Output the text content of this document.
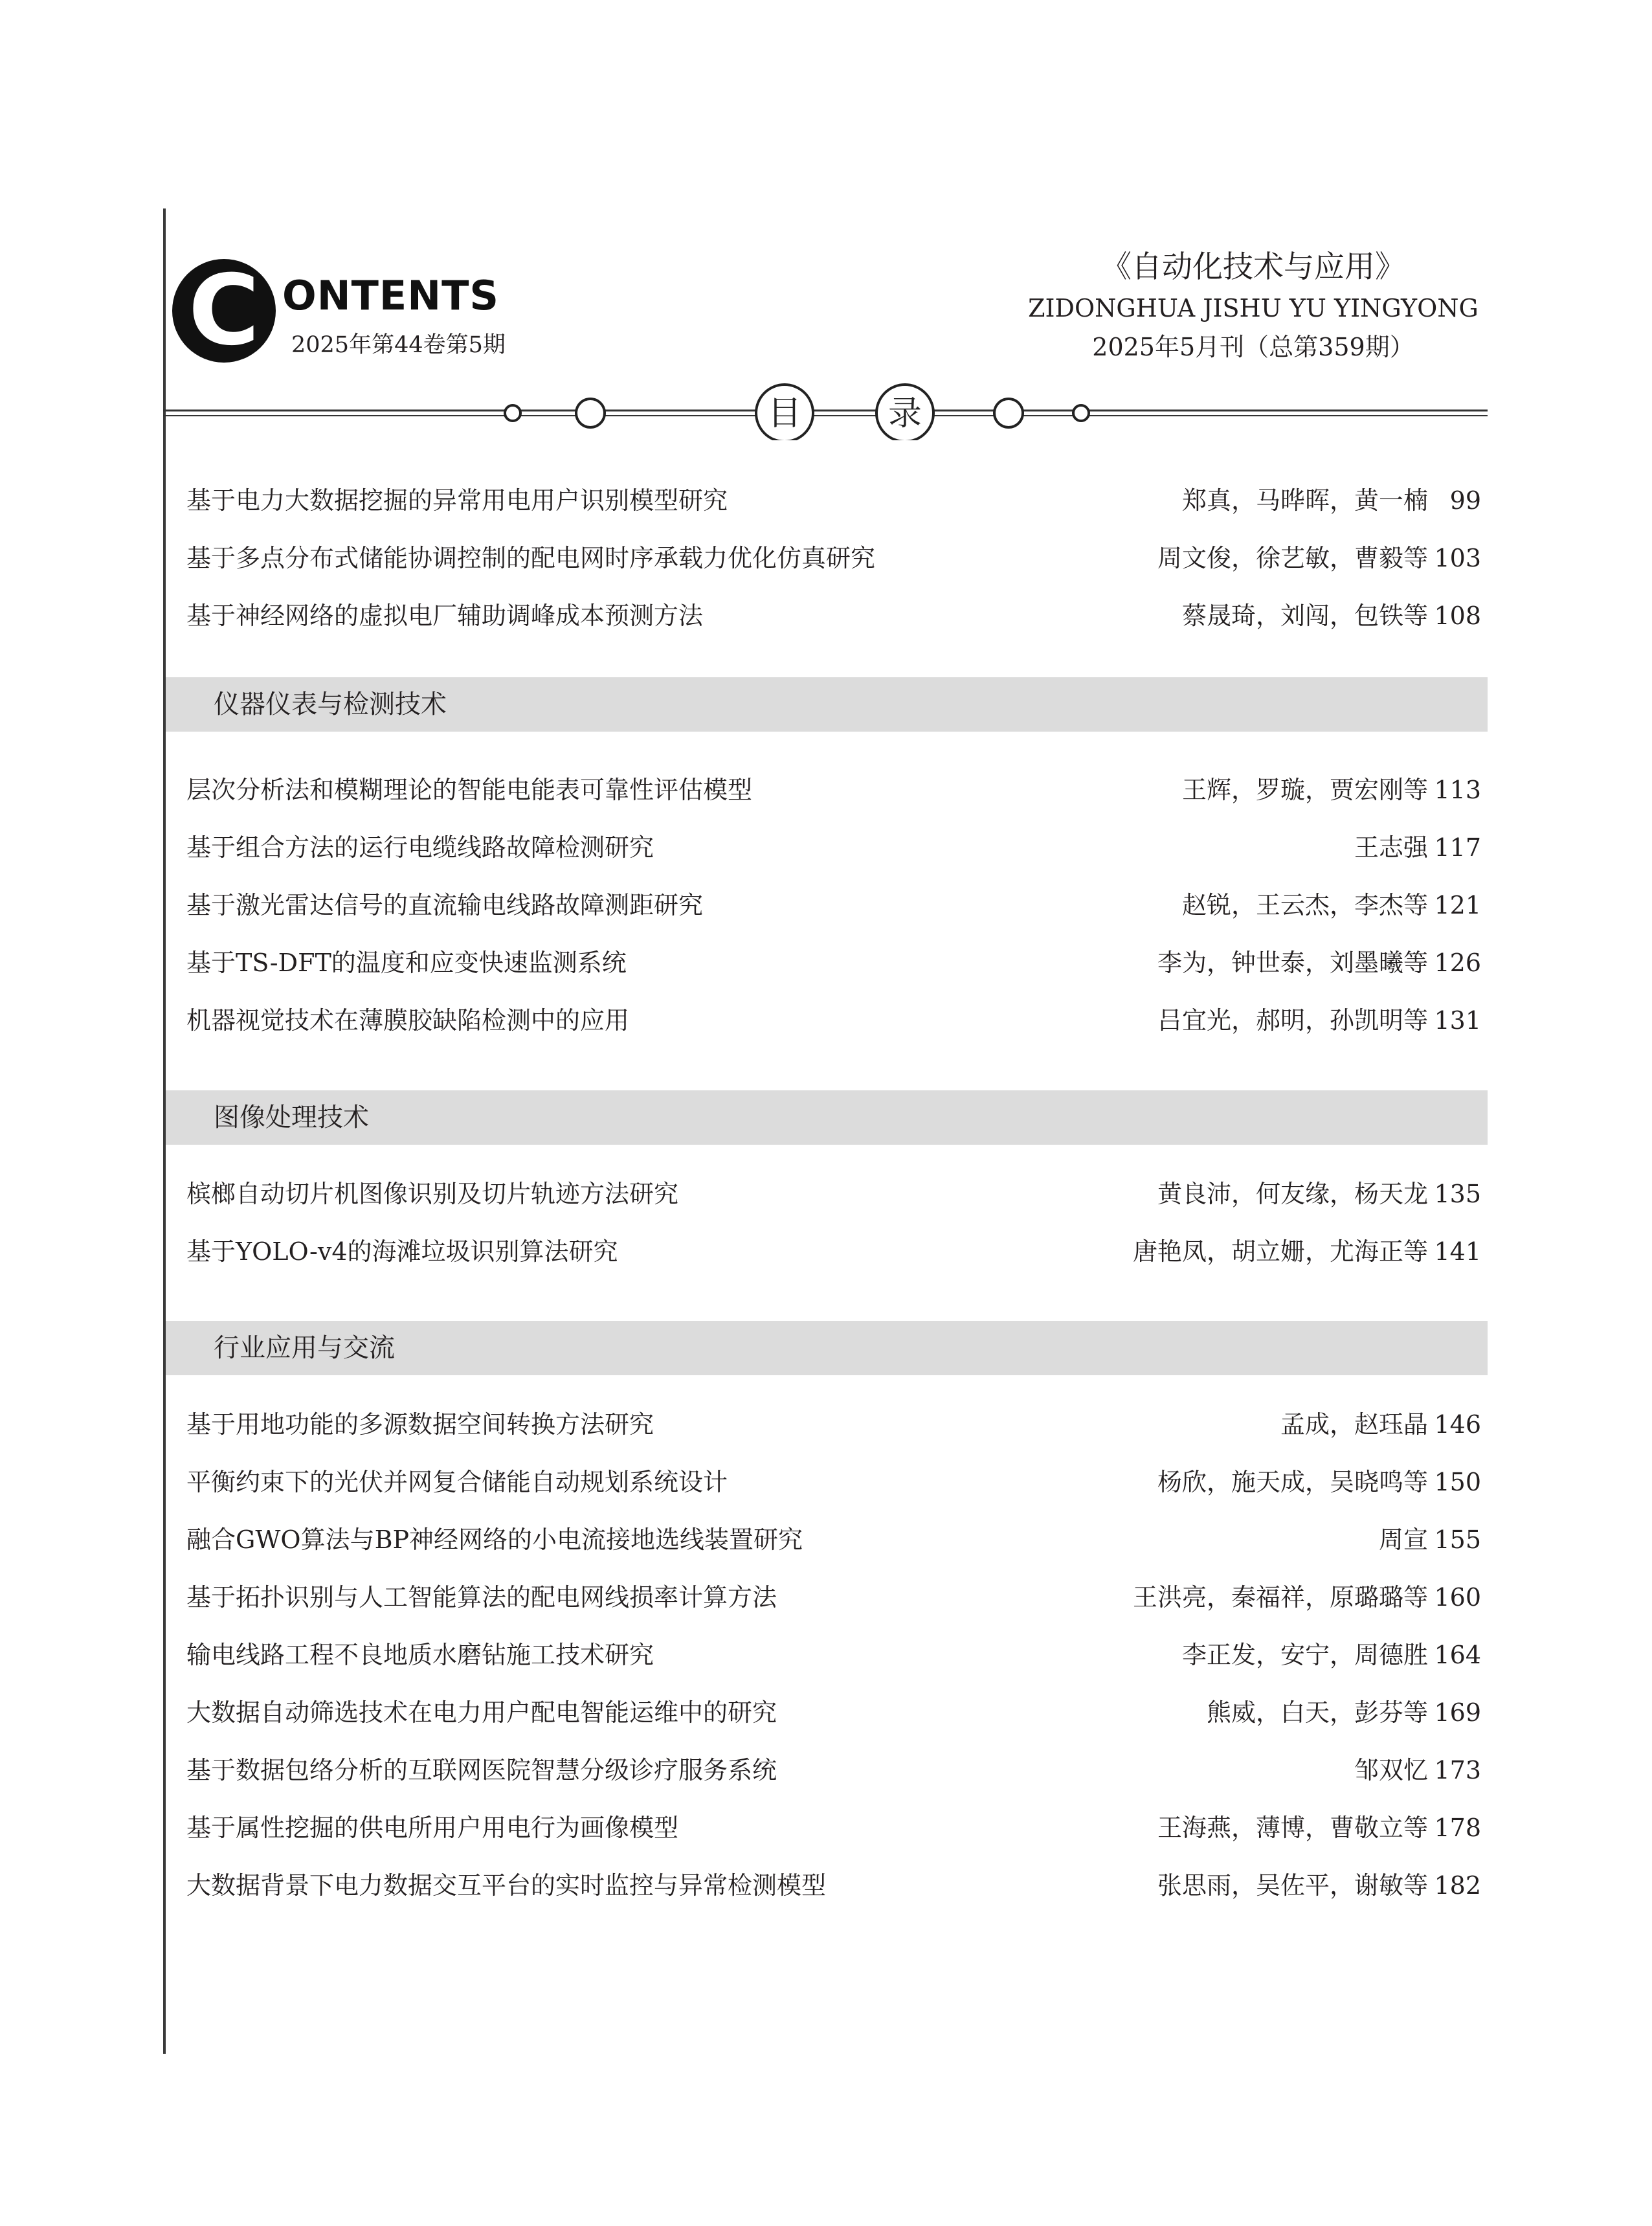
C ONTENTS
2025年第44卷第5期
《自动化技术与应用》
ZIDONGHUA JISHU YU YINGYONG
2025年5月刊（总第359期）
目	录
基于电力大数据挖掘的异常用电用户识别模型研究	郑真，马晔晖，黄一楠 99
基于多点分布式储能协调控制的配电网时序承载力优化仿真研究	周文俊，徐艺敏，曹毅等 103
基于神经网络的虚拟电厂辅助调峰成本预测方法	蔡晟琦，刘闯，包铁等 108
仪器仪表与检测技术
层次分析法和模糊理论的智能电能表可靠性评估模型	王辉，罗璇，贾宏刚等 113
基于组合方法的运行电缆线路故障检测研究	王志强 117
基于激光雷达信号的直流输电线路故障测距研究	赵锐，王云杰，李杰等 121
基于TS-DFT的温度和应变快速监测系统	李为，钟世泰，刘墨曦等 126
机器视觉技术在薄膜胶缺陷检测中的应用	吕宜光，郝明，孙凯明等 131
图像处理技术
槟榔自动切片机图像识别及切片轨迹方法研究	黄良沛，何友缘，杨天龙 135
基于YOLO-v4的海滩垃圾识别算法研究	唐艳凤，胡立姗，尤海正等 141
行业应用与交流
基于用地功能的多源数据空间转换方法研究	孟成，赵珏晶 146
平衡约束下的光伏并网复合储能自动规划系统设计	杨欣，施天成，吴晓鸣等 150
融合GWO算法与BP神经网络的小电流接地选线装置研究	周宣 155
基于拓扑识别与人工智能算法的配电网线损率计算方法	王洪亮，秦福祥，原璐璐等 160
输电线路工程不良地质水磨钻施工技术研究	李正发，安宁，周德胜 164
大数据自动筛选技术在电力用户配电智能运维中的研究	熊威，白天，彭芬等 169
基于数据包络分析的互联网医院智慧分级诊疗服务系统	邹双忆 173
基于属性挖掘的供电所用户用电行为画像模型	王海燕，薄博，曹敬立等 178
大数据背景下电力数据交互平台的实时监控与异常检测模型	张思雨，吴佐平，谢敏等 182
